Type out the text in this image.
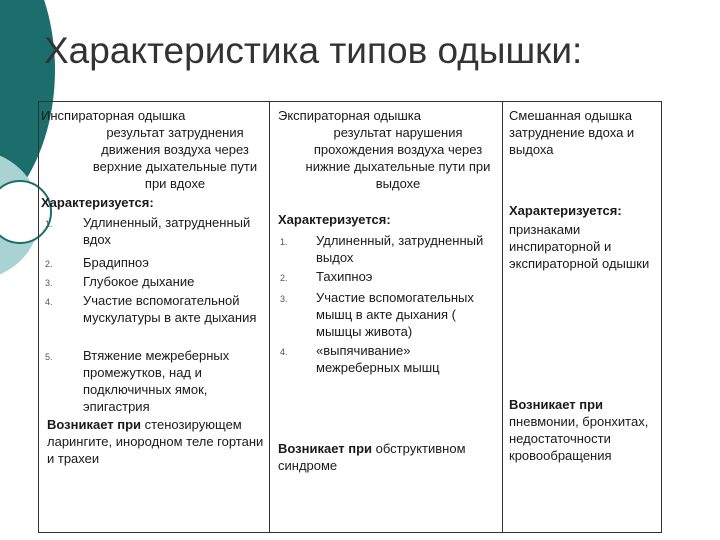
Характеристика типов одышки:
Инспираторная одышка
результат затруднения движения воздуха через верхние дыхательные пути при вдохе
Характеризуется:
1. Удлиненный, затрудненный вдох
2. Брадипноэ
3. Глубокое дыхание
4. Участие вспомогательной мускулатуры в акте дыхания
5. Втяжение межреберных промежутков, над и подключичных ямок, эпигастрия
Возникает при стенозирующем ларингите, инородном теле гортани и трахеи
Экспираторная одышка
результат нарушения прохождения воздуха через нижние дыхательные пути при выдохе
Характеризуется:
1. Удлиненный, затрудненный выдох
2. Тахипноэ
3. Участие вспомогательных мышц в акте дыхания ( мышцы живота)
4. «выпячивание» межреберных мышц
Возникает при обструктивном синдроме
Смешанная одышка
затруднение вдоха и выдоха
Характеризуется:
признаками инспираторной и экспираторной одышки
Возникает при
пневмонии, бронхитах, недостаточности кровообращения
